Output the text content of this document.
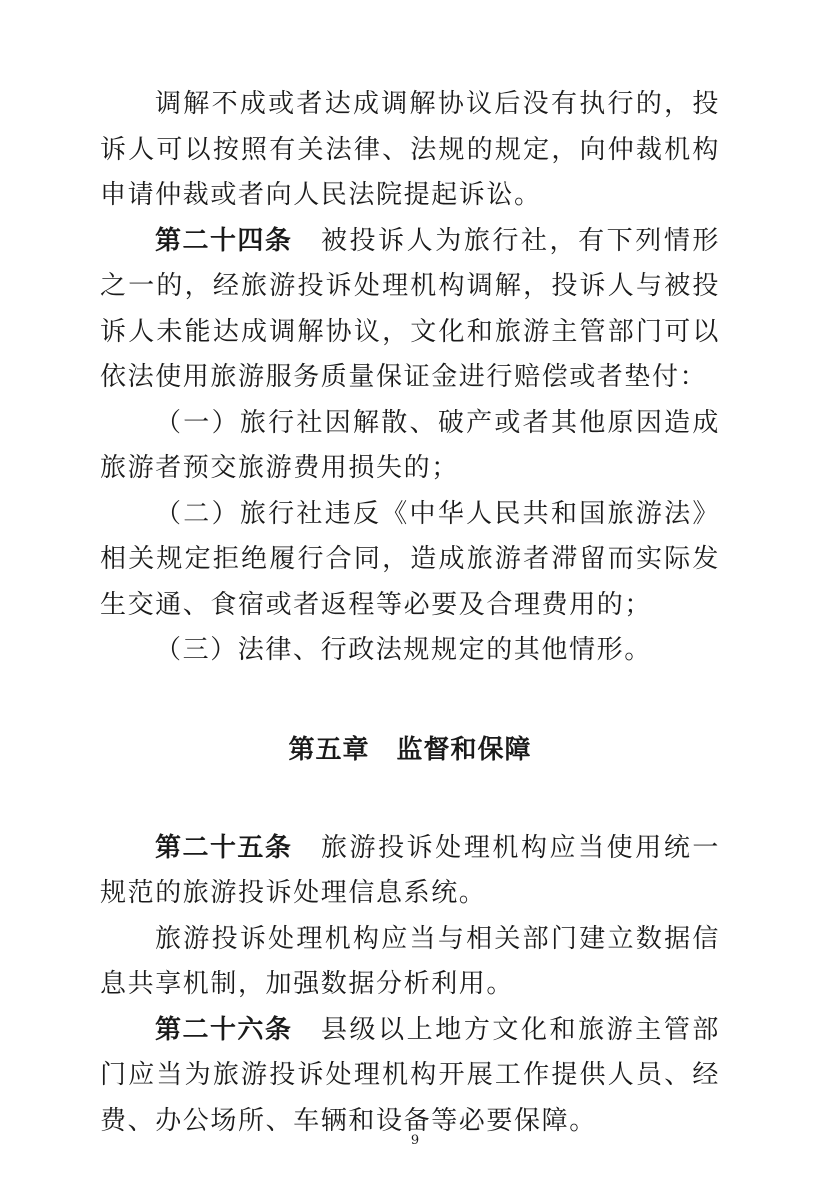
调解不成或者达成调解协议后没有执行的，投诉人可以按照有关法律、法规的规定，向仲裁机构申请仲裁或者向人民法院提起诉讼。

第二十四条　 被投诉人为旅行社，有下列情形之一的，经旅游投诉处理机构调解，投诉人与被投诉人未能达成调解协议，文化和旅游主管部门可以依法使用旅游服务质量保证金进行赔偿或者垫付：

（一）旅行社因解散、破产或者其他原因造成旅游者预交旅游费用损失的；

（二）旅行社违反《中华人民共和国旅游法》相关规定拒绝履行合同，造成旅游者滞留而实际发生交通、食宿或者返程等必要及合理费用的；

（三）法律、行政法规规定的其他情形。

第五章　监督和保障

第二十五条　 旅游投诉处理机构应当使用统一规范的旅游投诉处理信息系统。

旅游投诉处理机构应当与相关部门建立数据信息共享机制，加强数据分析利用。

第二十六条　 县级以上地方文化和旅游主管部门应当为旅游投诉处理机构开展工作提供人员、经费、办公场所、车辆和设备等必要保障。

9
